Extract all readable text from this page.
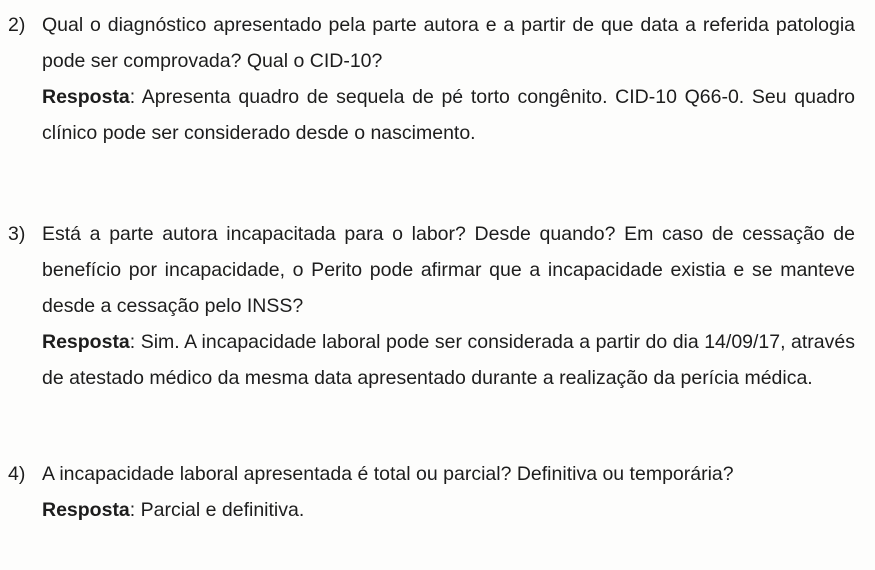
2) Qual o diagnóstico apresentado pela parte autora e a partir de que data a referida patologia pode ser comprovada? Qual o CID-10?
Resposta: Apresenta quadro de sequela de pé torto congênito. CID-10 Q66-0. Seu quadro clínico pode ser considerado desde o nascimento.
3) Está a parte autora incapacitada para o labor? Desde quando? Em caso de cessação de benefício por incapacidade, o Perito pode afirmar que a incapacidade existia e se manteve desde a cessação pelo INSS?
Resposta: Sim. A incapacidade laboral pode ser considerada a partir do dia 14/09/17, através de atestado médico da mesma data apresentado durante a realização da perícia médica.
4) A incapacidade laboral apresentada é total ou parcial? Definitiva ou temporária?
Resposta: Parcial e definitiva.
